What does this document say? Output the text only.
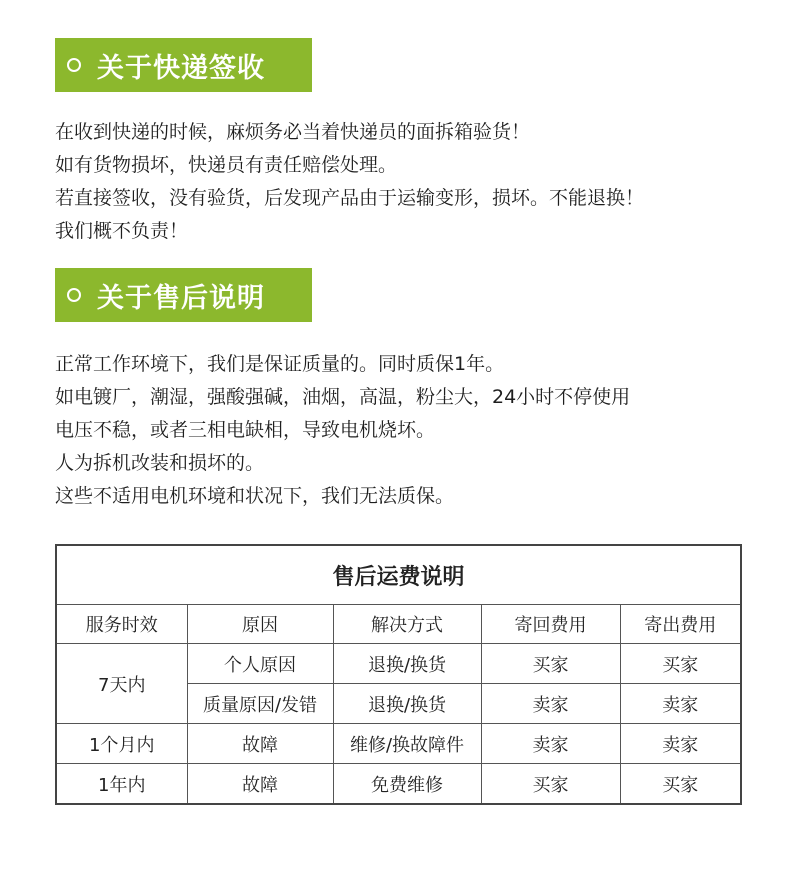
关于快递签收
在收到快递的时候，麻烦务必当着快递员的面拆箱验货！
如有货物损坏，快递员有责任赔偿处理。
若直接签收，没有验货，后发现产品由于运输变形，损坏。不能退换！
我们概不负责！
关于售后说明
正常工作环境下，我们是保证质量的。同时质保1年。
如电镀厂，潮湿，强酸强碱，油烟，高温，粉尘大，24小时不停使用
电压不稳，或者三相电缺相，导致电机烧坏。
人为拆机改装和损坏的。
这些不适用电机环境和状况下，我们无法质保。
售后运费说明				
服务时效	原因	解决方式	寄回费用	寄出费用
7天内	个人原因	退换/换货	买家	买家
	质量原因/发错	退换/换货	卖家	卖家
1个月内	故障	维修/换故障件	卖家	卖家
1年内	故障	免费维修	买家	买家
